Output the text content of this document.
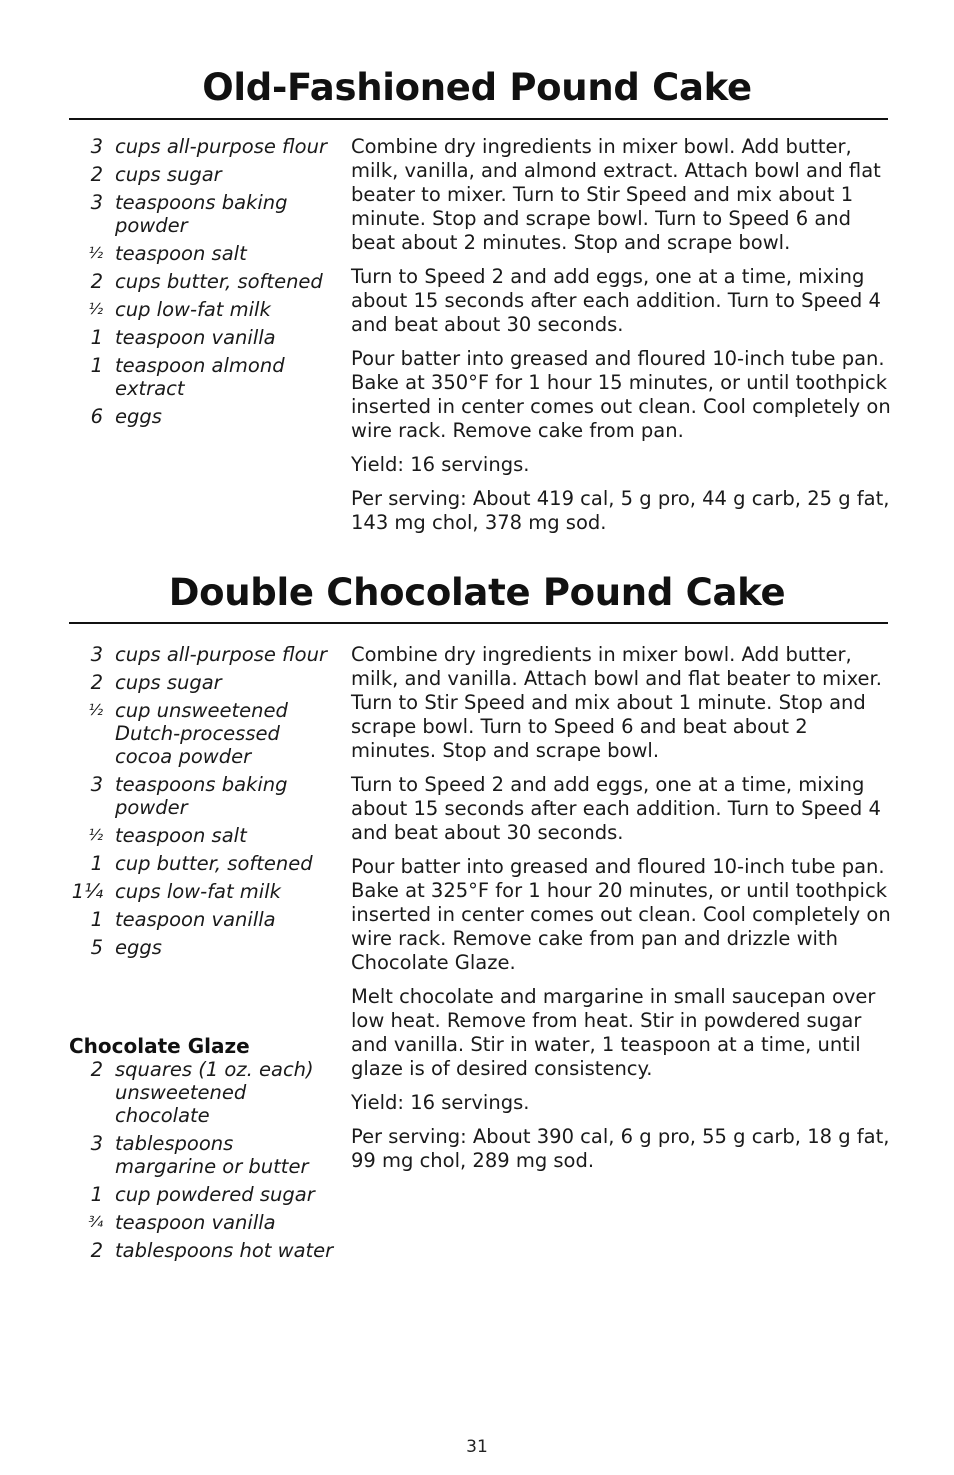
Old-Fashioned Pound Cake
3 cups all-purpose flour
2 cups sugar
3 teaspoons baking powder
½ teaspoon salt
2 cups butter, softened
½ cup low-fat milk
1 teaspoon vanilla
1 teaspoon almond extract
6 eggs

Combine dry ingredients in mixer bowl. Add butter, milk, vanilla, and almond extract. Attach bowl and flat beater to mixer. Turn to Stir Speed and mix about 1 minute. Stop and scrape bowl. Turn to Speed 6 and beat about 2 minutes. Stop and scrape bowl.

Turn to Speed 2 and add eggs, one at a time, mixing about 15 seconds after each addition. Turn to Speed 4 and beat about 30 seconds.

Pour batter into greased and floured 10-inch tube pan. Bake at 350°F for 1 hour 15 minutes, or until toothpick inserted in center comes out clean. Cool completely on wire rack. Remove cake from pan.

Yield: 16 servings.

Per serving: About 419 cal, 5 g pro, 44 g carb, 25 g fat, 143 mg chol, 378 mg sod.

Double Chocolate Pound Cake
3 cups all-purpose flour
2 cups sugar
½ cup unsweetened Dutch-processed cocoa powder
3 teaspoons baking powder
½ teaspoon salt
1 cup butter, softened
1¼ cups low-fat milk
1 teaspoon vanilla
5 eggs
Chocolate Glaze
2 squares (1 oz. each) unsweetened chocolate
3 tablespoons margarine or butter
1 cup powdered sugar
¾ teaspoon vanilla
2 tablespoons hot water

Combine dry ingredients in mixer bowl. Add butter, milk, and vanilla. Attach bowl and flat beater to mixer. Turn to Stir Speed and mix about 1 minute. Stop and scrape bowl. Turn to Speed 6 and beat about 2 minutes. Stop and scrape bowl.

Turn to Speed 2 and add eggs, one at a time, mixing about 15 seconds after each addition. Turn to Speed 4 and beat about 30 seconds.

Pour batter into greased and floured 10-inch tube pan. Bake at 325°F for 1 hour 20 minutes, or until toothpick inserted in center comes out clean. Cool completely on wire rack. Remove cake from pan and drizzle with Chocolate Glaze.

Melt chocolate and margarine in small saucepan over low heat. Remove from heat. Stir in powdered sugar and vanilla. Stir in water, 1 teaspoon at a time, until glaze is of desired consistency.

Yield: 16 servings.

Per serving: About 390 cal, 6 g pro, 55 g carb, 18 g fat, 99 mg chol, 289 mg sod.

31
